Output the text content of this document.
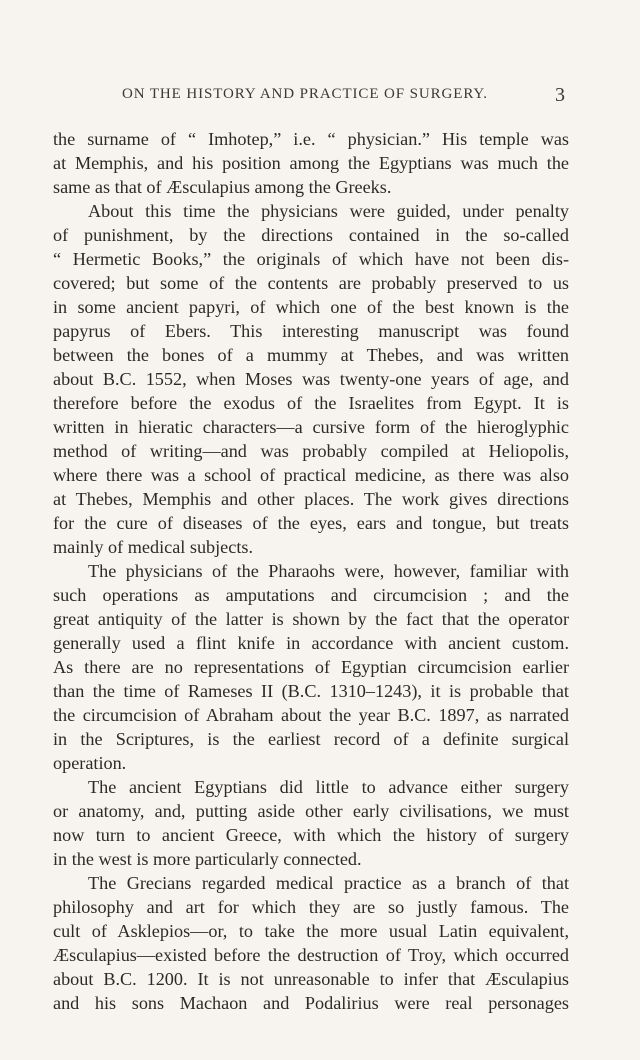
ON THE HISTORY AND PRACTICE OF SURGERY.	3
the surname of “ Imhotep,” i.e. “ physician.” His temple was
at Memphis, and his position among the Egyptians was much the
same as that of Æsculapius among the Greeks.
About this time the physicians were guided, under penalty
of punishment, by the directions contained in the so-called
“ Hermetic Books,” the originals of which have not been dis-
covered; but some of the contents are probably preserved to us
in some ancient papyri, of which one of the best known is the
papyrus of Ebers. This interesting manuscript was found
between the bones of a mummy at Thebes, and was written
about B.C. 1552, when Moses was twenty-one years of age, and
therefore before the exodus of the Israelites from Egypt. It is
written in hieratic characters—a cursive form of the hieroglyphic
method of writing—and was probably compiled at Heliopolis,
where there was a school of practical medicine, as there was also
at Thebes, Memphis and other places. The work gives directions
for the cure of diseases of the eyes, ears and tongue, but treats
mainly of medical subjects.
The physicians of the Pharaohs were, however, familiar with
such operations as amputations and circumcision ; and the
great antiquity of the latter is shown by the fact that the operator
generally used a flint knife in accordance with ancient custom.
As there are no representations of Egyptian circumcision earlier
than the time of Rameses II (B.C. 1310–1243), it is probable that
the circumcision of Abraham about the year B.C. 1897, as narrated
in the Scriptures, is the earliest record of a definite surgical
operation.
The ancient Egyptians did little to advance either surgery
or anatomy, and, putting aside other early civilisations, we must
now turn to ancient Greece, with which the history of surgery
in the west is more particularly connected.
The Grecians regarded medical practice as a branch of that
philosophy and art for which they are so justly famous. The
cult of Asklepios—or, to take the more usual Latin equivalent,
Æsculapius—existed before the destruction of Troy, which occurred
about B.C. 1200. It is not unreasonable to infer that Æsculapius
and his sons Machaon and Podalirius were real personages
